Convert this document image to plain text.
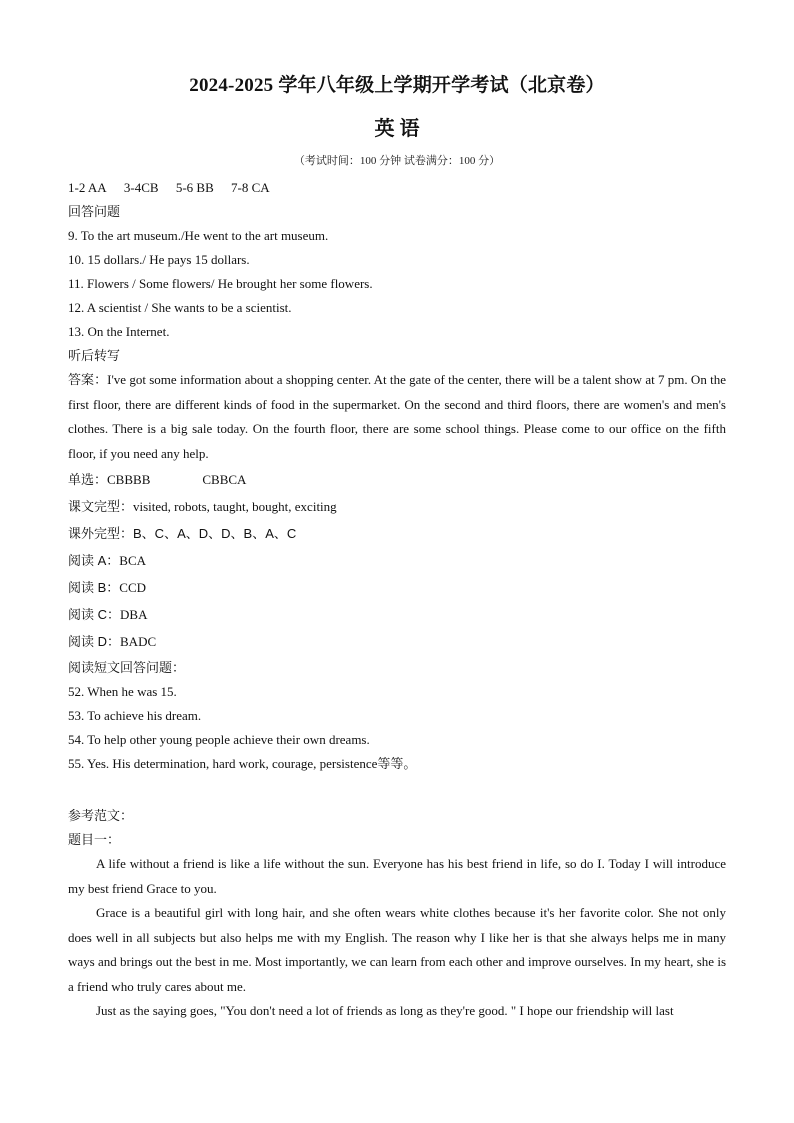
2024-2025 学年八年级上学期开学考试（北京卷）
英 语
（考试时间：100 分钟 试卷满分：100 分）
1-2 AA 3-4CB 5-6 BB 7-8 CA
回答问题
9. To the art museum./He went to the art museum.
10. 15 dollars./ He pays 15 dollars.
11. Flowers / Some flowers/ He brought her some flowers.
12. A scientist / She wants to be a scientist.
13. On the Internet.
听后转写
答案：I've got some information about a shopping center. At the gate of the center, there will be a talent show at 7 pm. On the first floor, there are different kinds of food in the supermarket. On the second and third floors, there are women's and men's clothes. There is a big sale today. On the fourth floor, there are some school things. Please come to our office on the fifth floor, if you need any help.
单选：CBBBB	CBBCA
课文完型：visited, robots, taught, bought, exciting
课外完型：B、C、A、D、D、B、A、C
阅读 A：BCA
阅读 B：CCD
阅读 C：DBA
阅读 D：BADC
阅读短文回答问题：
52. When he was 15.
53. To achieve his dream.
54. To help other young people achieve their own dreams.
55. Yes. His determination, hard work, courage, persistence等等。
参考范文：
题目一：
A life without a friend is like a life without the sun. Everyone has his best friend in life, so do I. Today I will introduce my best friend Grace to you.
Grace is a beautiful girl with long hair, and she often wears white clothes because it's her favorite color. She not only does well in all subjects but also helps me with my English. The reason why I like her is that she always helps me in many ways and brings out the best in me. Most importantly, we can learn from each other and improve ourselves. In my heart, she is a friend who truly cares about me.
Just as the saying goes, "You don't need a lot of friends as long as they're good. " I hope our friendship will last
